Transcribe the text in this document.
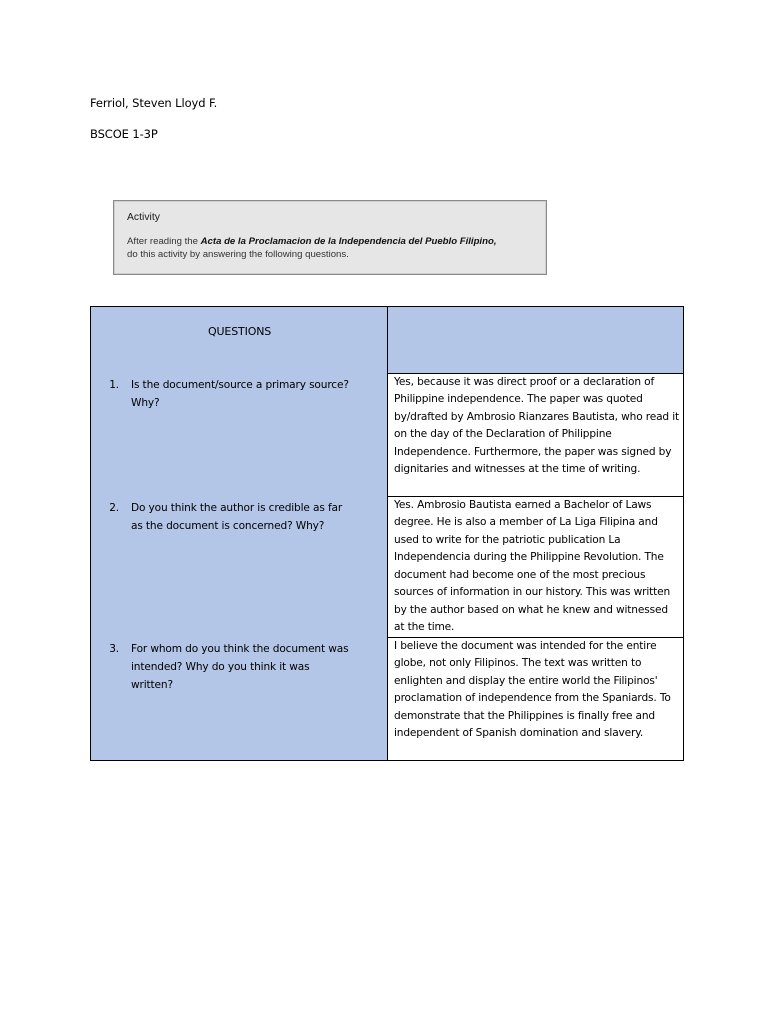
Ferriol, Steven Lloyd F.
BSCOE 1-3P
Activity
After reading the Acta de la Proclamacion de la Independencia del Pueblo Filipino,
do this activity by answering the following questions.
QUESTIONS	

1. Is the document/source a primary source? Why?	Yes, because it was direct proof or a declaration of Philippine independence. The paper was quoted by/drafted by Ambrosio Rianzares Bautista, who read it on the day of the Declaration of Philippine Independence. Furthermore, the paper was signed by dignitaries and witnesses at the time of writing.

2. Do you think the author is credible as far as the document is concerned? Why?	Yes. Ambrosio Bautista earned a Bachelor of Laws degree. He is also a member of La Liga Filipina and used to write for the patriotic publication La Independencia during the Philippine Revolution. The document had become one of the most precious sources of information in our history. This was written by the author based on what he knew and witnessed at the time.

3. For whom do you think the document was intended? Why do you think it was written?	I believe the document was intended for the entire globe, not only Filipinos. The text was written to enlighten and display the entire world the Filipinos' proclamation of independence from the Spaniards. To demonstrate that the Philippines is finally free and independent of Spanish domination and slavery.
